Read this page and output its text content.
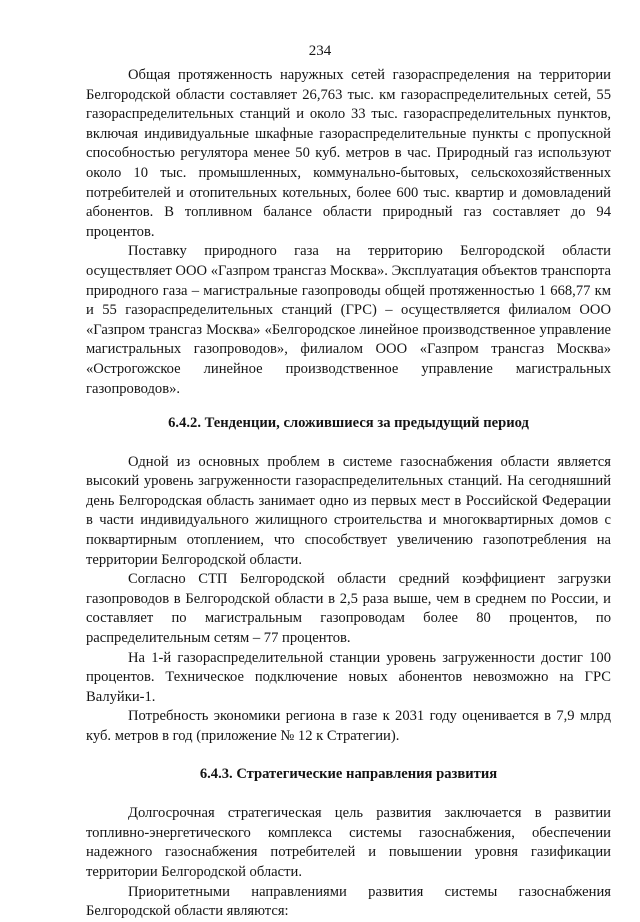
234

Общая протяженность наружных сетей газораспределения на территории Белгородской области составляет 26,763 тыс. км газораспределительных сетей, 55 газораспределительных станций и около 33 тыс. газораспределительных пунктов, включая индивидуальные шкафные газораспределительные пункты с пропускной способностью регулятора менее 50 куб. метров в час. Природный газ используют около 10 тыс. промышленных, коммунально-бытовых, сельскохозяйственных потребителей и отопительных котельных, более 600 тыс. квартир и домовладений абонентов. В топливном балансе области природный газ составляет до 94 процентов.

Поставку природного газа на территорию Белгородской области осуществляет ООО «Газпром трансгаз Москва». Эксплуатация объектов транспорта природного газа – магистральные газопроводы общей протяженностью 1 668,77 км и 55 газораспределительных станций (ГРС) – осуществляется филиалом ООО «Газпром трансгаз Москва» «Белгородское линейное производственное управление магистральных газопроводов», филиалом ООО «Газпром трансгаз Москва» «Острогожское линейное производственное управление магистральных газопроводов».

6.4.2. Тенденции, сложившиеся за предыдущий период

Одной из основных проблем в системе газоснабжения области является высокий уровень загруженности газораспределительных станций. На сегодняшний день Белгородская область занимает одно из первых мест в Российской Федерации в части индивидуального жилищного строительства и многоквартирных домов с поквартирным отоплением, что способствует увеличению газопотребления на территории Белгородской области.

Согласно СТП Белгородской области средний коэффициент загрузки газопроводов в Белгородской области в 2,5 раза выше, чем в среднем по России, и составляет по магистральным газопроводам более 80 процентов, по распределительным сетям – 77 процентов.

На 1-й газораспределительной станции уровень загруженности достиг 100 процентов. Техническое подключение новых абонентов невозможно на ГРС Валуйки-1.

Потребность экономики региона в газе к 2031 году оценивается в 7,9 млрд куб. метров в год (приложение № 12 к Стратегии).

6.4.3. Стратегические направления развития

Долгосрочная стратегическая цель развития заключается в развитии топливно-энергетического комплекса системы газоснабжения, обеспечении надежного газоснабжения потребителей и повышении уровня газификации территории Белгородской области.

Приоритетными направлениями развития системы газоснабжения Белгородской области являются:
